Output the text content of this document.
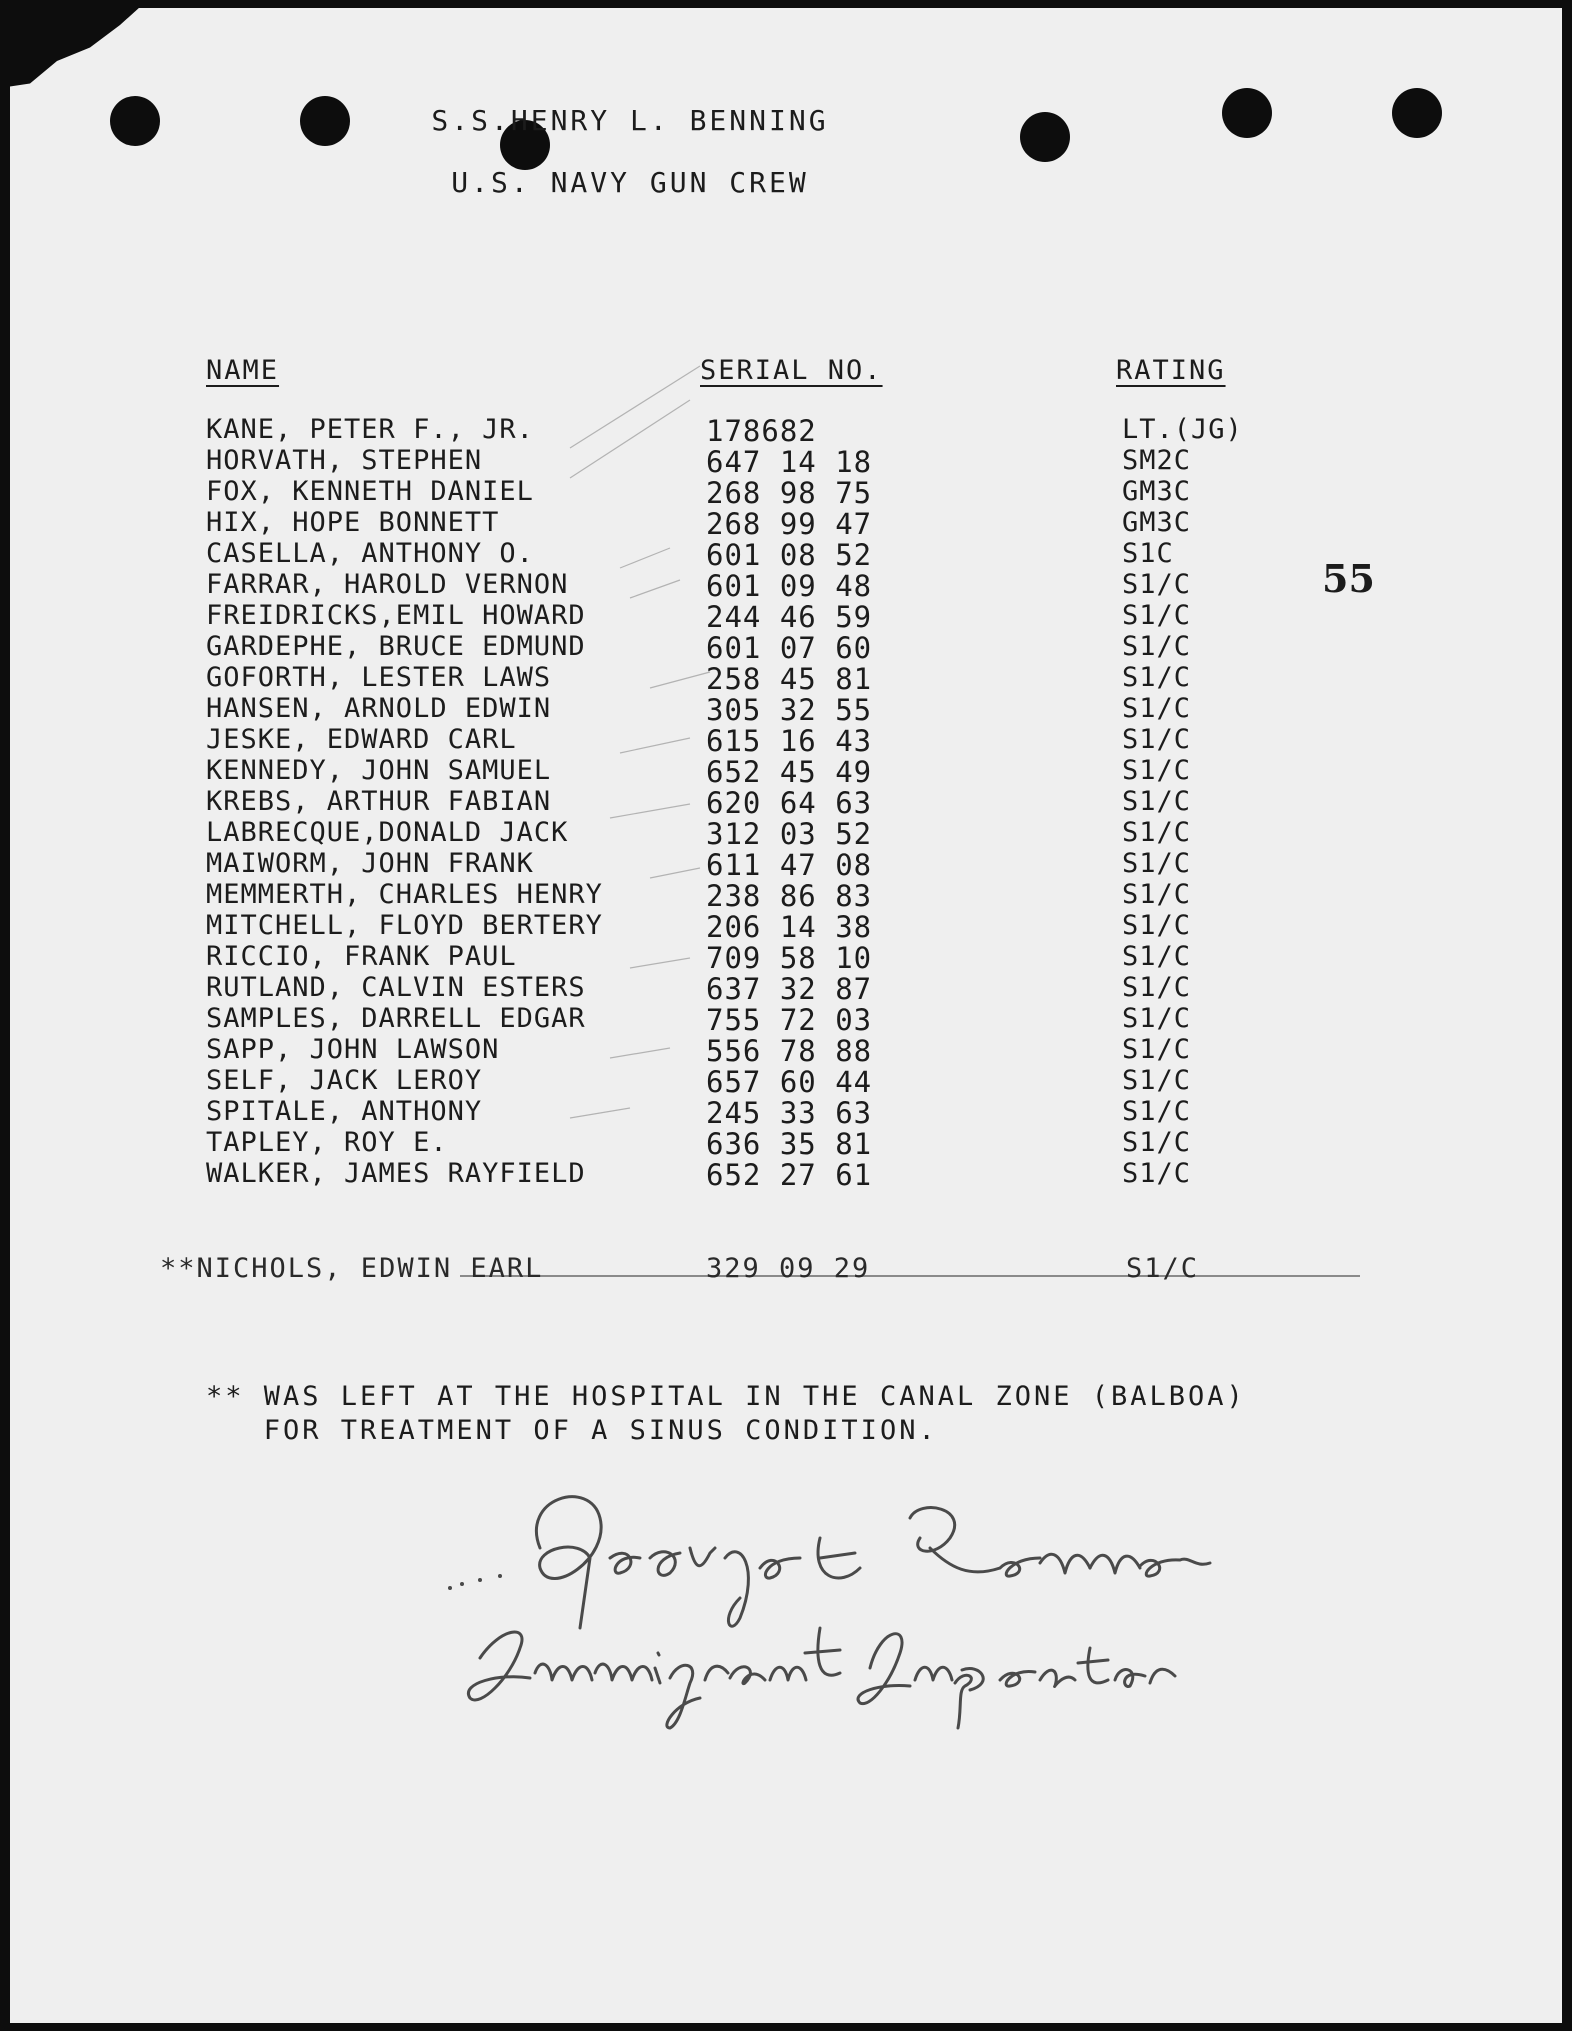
S.S.HENRY L. BENNING
U.S. NAVY GUN CREW
NAME	SERIAL NO.	RATING
55
KANE, PETER F., JR.	178682	LT.(JG)
HORVATH, STEPHEN	647 14 18	SM2C
FOX, KENNETH DANIEL	268 98 75	GM3C
HIX, HOPE BONNETT	268 99 47	GM3C
CASELLA, ANTHONY O.	601 08 52	S1C
FARRAR, HAROLD VERNON	601 09 48	S1/C
FREIDRICKS,EMIL HOWARD	244 46 59	S1/C
GARDEPHE, BRUCE EDMUND	601 07 60	S1/C
GOFORTH, LESTER LAWS	258 45 81	S1/C
HANSEN, ARNOLD EDWIN	305 32 55	S1/C
JESKE, EDWARD CARL	615 16 43	S1/C
KENNEDY, JOHN SAMUEL	652 45 49	S1/C
KREBS, ARTHUR FABIAN	620 64 63	S1/C
LABRECQUE,DONALD JACK	312 03 52	S1/C
MAIWORM, JOHN FRANK	611 47 08	S1/C
MEMMERTH, CHARLES HENRY	238 86 83	S1/C
MITCHELL, FLOYD BERTERY	206 14 38	S1/C
RICCIO, FRANK PAUL	709 58 10	S1/C
RUTLAND, CALVIN ESTERS	637 32 87	S1/C
SAMPLES, DARRELL EDGAR	755 72 03	S1/C
SAPP, JOHN LAWSON	556 78 88	S1/C
SELF, JACK LEROY	657 60 44	S1/C
SPITALE, ANTHONY	245 33 63	S1/C
TAPLEY, ROY E.	636 35 81	S1/C
WALKER, JAMES RAYFIELD	652 27 61	S1/C
**NICHOLS, EDWIN EARL	329 09 29	S1/C
** WAS LEFT AT THE HOSPITAL IN THE CANAL ZONE (BALBOA)
FOR TREATMENT OF A SINUS CONDITION.
